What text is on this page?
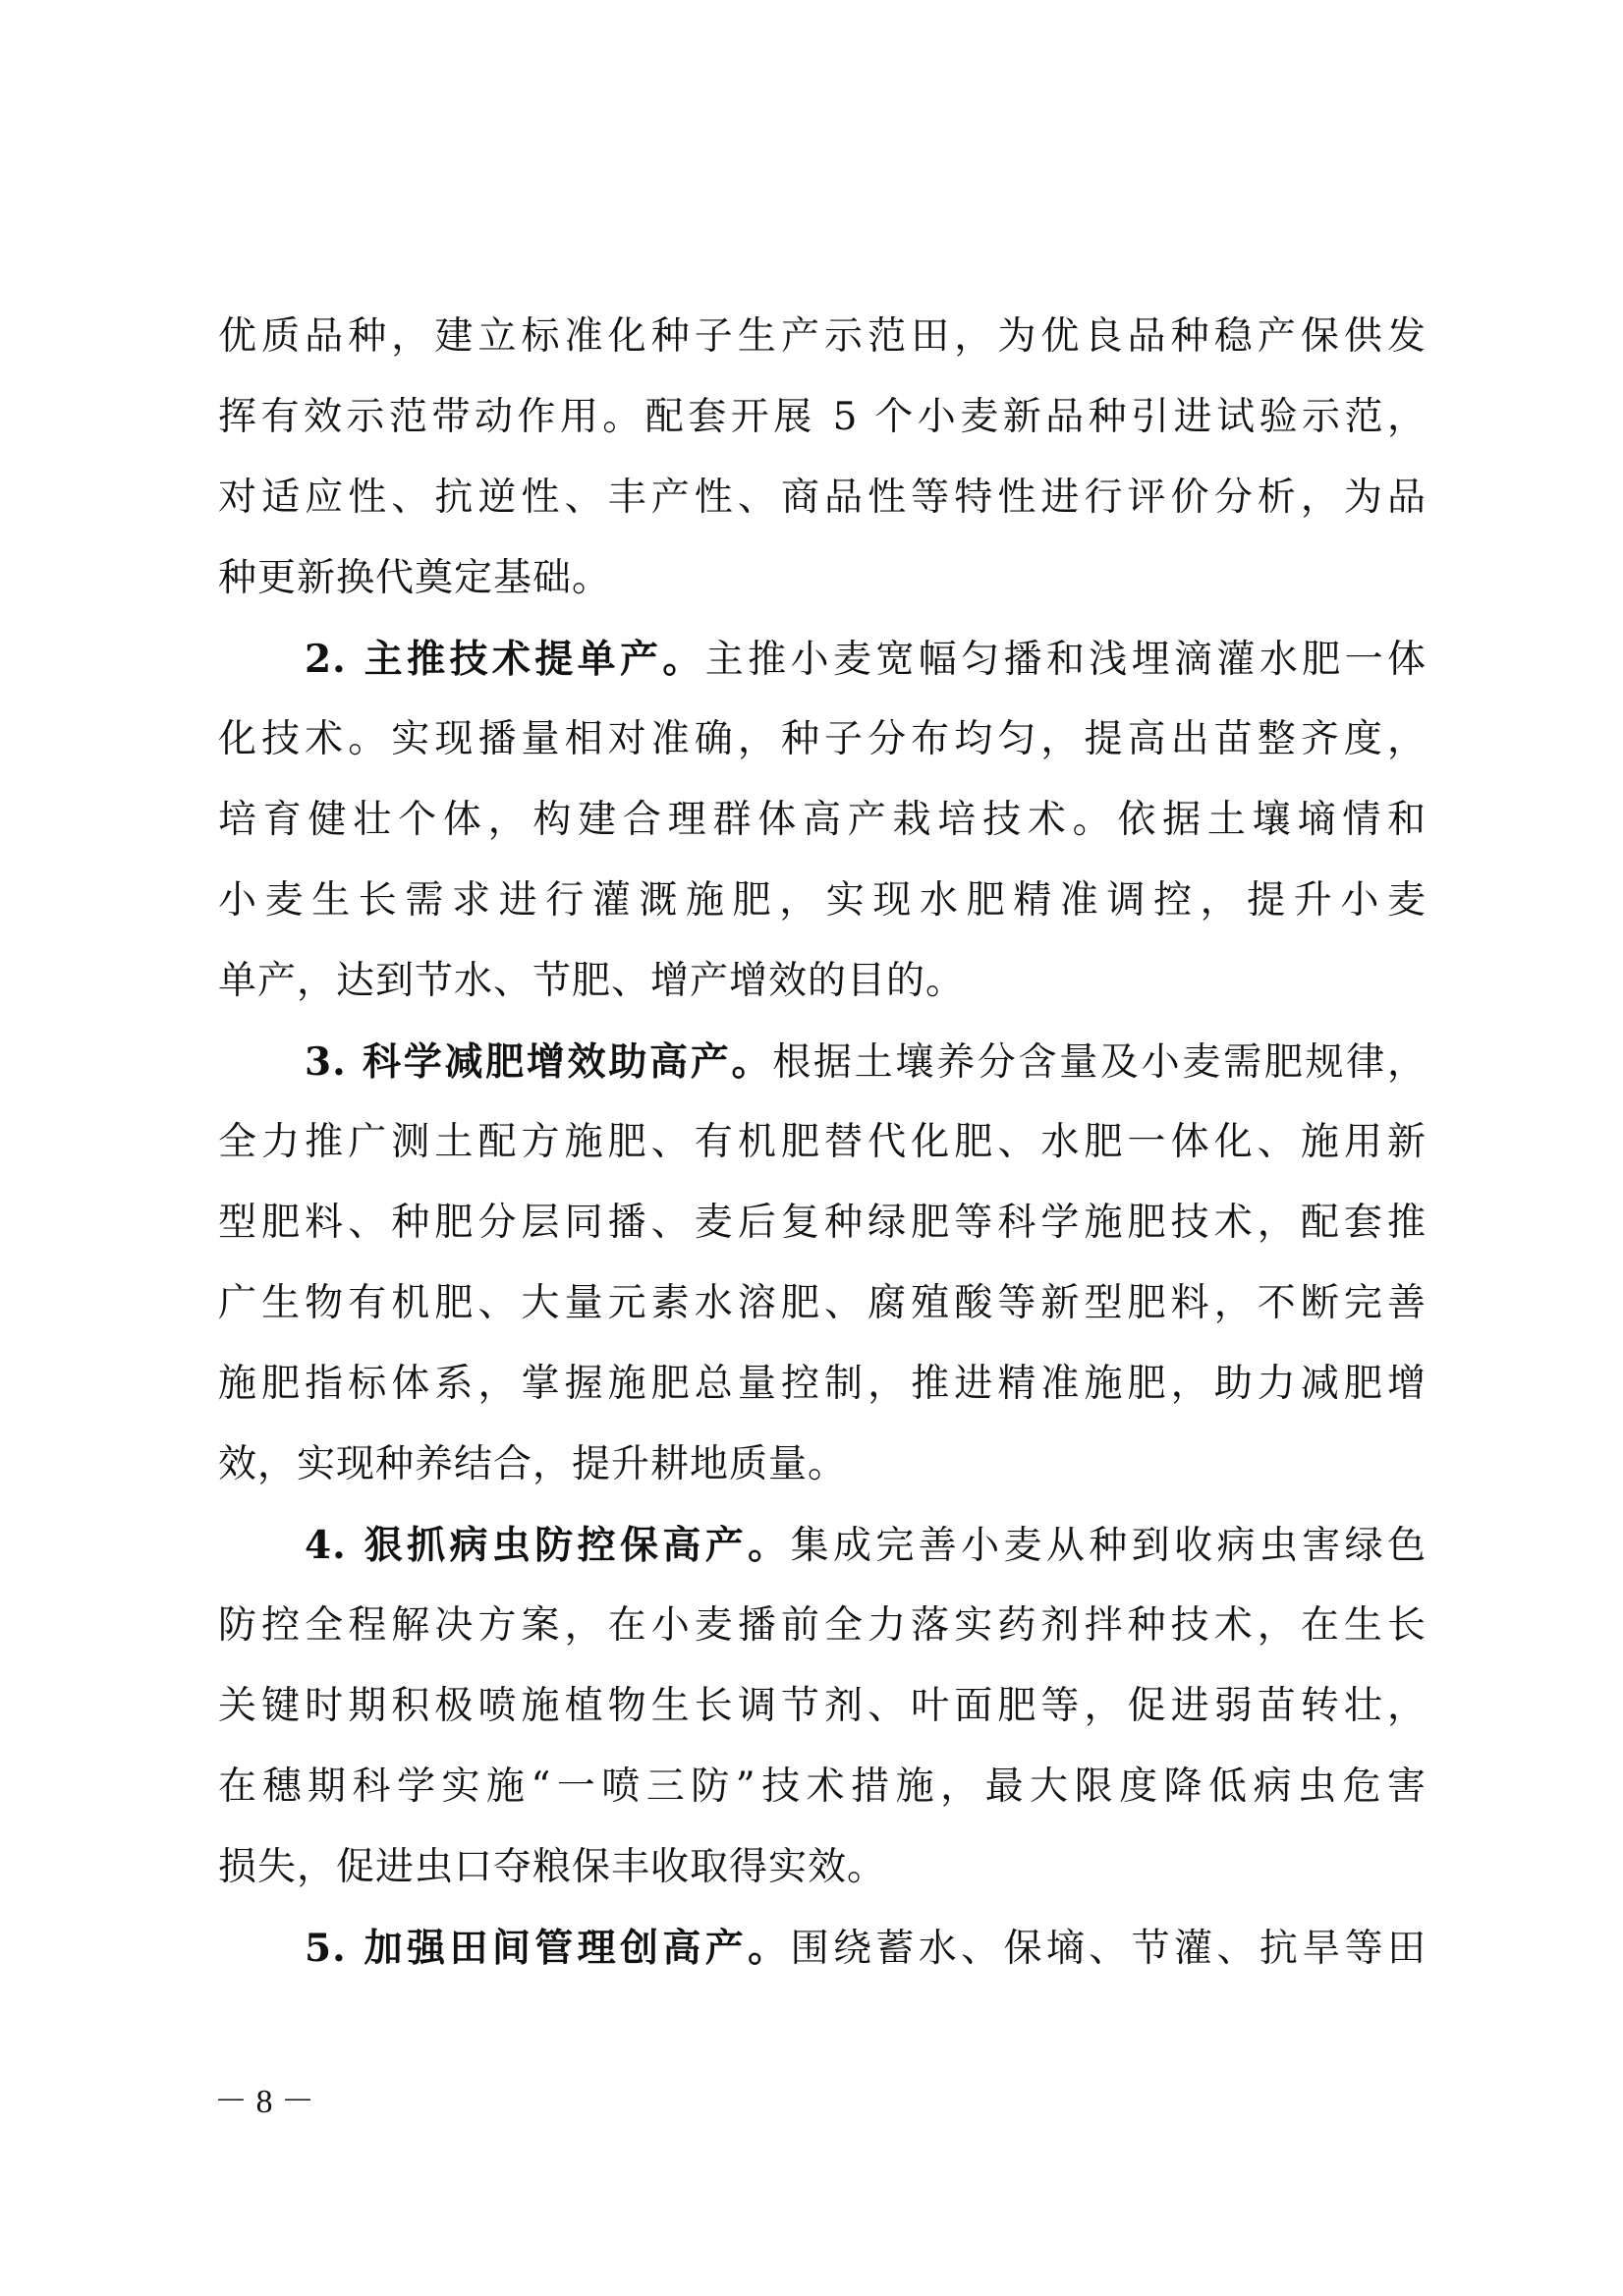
优质品种，建立标准化种子生产示范田，为优良品种稳产保供发
挥有效示范带动作用。配套开展 5 个小麦新品种引进试验示范，
对适应性、抗逆性、丰产性、商品性等特性进行评价分析，为品
种更新换代奠定基础。
2. 主推技术提单产。主推小麦宽幅匀播和浅埋滴灌水肥一体
化技术。实现播量相对准确，种子分布均匀，提高出苗整齐度，
培育健壮个体，构建合理群体高产栽培技术。依据土壤墒情和
小麦生长需求进行灌溉施肥，实现水肥精准调控，提升小麦
单产，达到节水、节肥、增产增效的目的。
3. 科学减肥增效助高产。根据土壤养分含量及小麦需肥规律，
全力推广测土配方施肥、有机肥替代化肥、水肥一体化、施用新
型肥料、种肥分层同播、麦后复种绿肥等科学施肥技术，配套推
广生物有机肥、大量元素水溶肥、腐殖酸等新型肥料，不断完善
施肥指标体系，掌握施肥总量控制，推进精准施肥，助力减肥增
效，实现种养结合，提升耕地质量。
4. 狠抓病虫防控保高产。集成完善小麦从种到收病虫害绿色
防控全程解决方案，在小麦播前全力落实药剂拌种技术，在生长
关键时期积极喷施植物生长调节剂、叶面肥等，促进弱苗转壮，
在穗期科学实施“一喷三防”技术措施，最大限度降低病虫危害
损失，促进虫口夺粮保丰收取得实效。
5. 加强田间管理创高产。围绕蓄水、保墒、节灌、抗旱等田
－ 8 －
